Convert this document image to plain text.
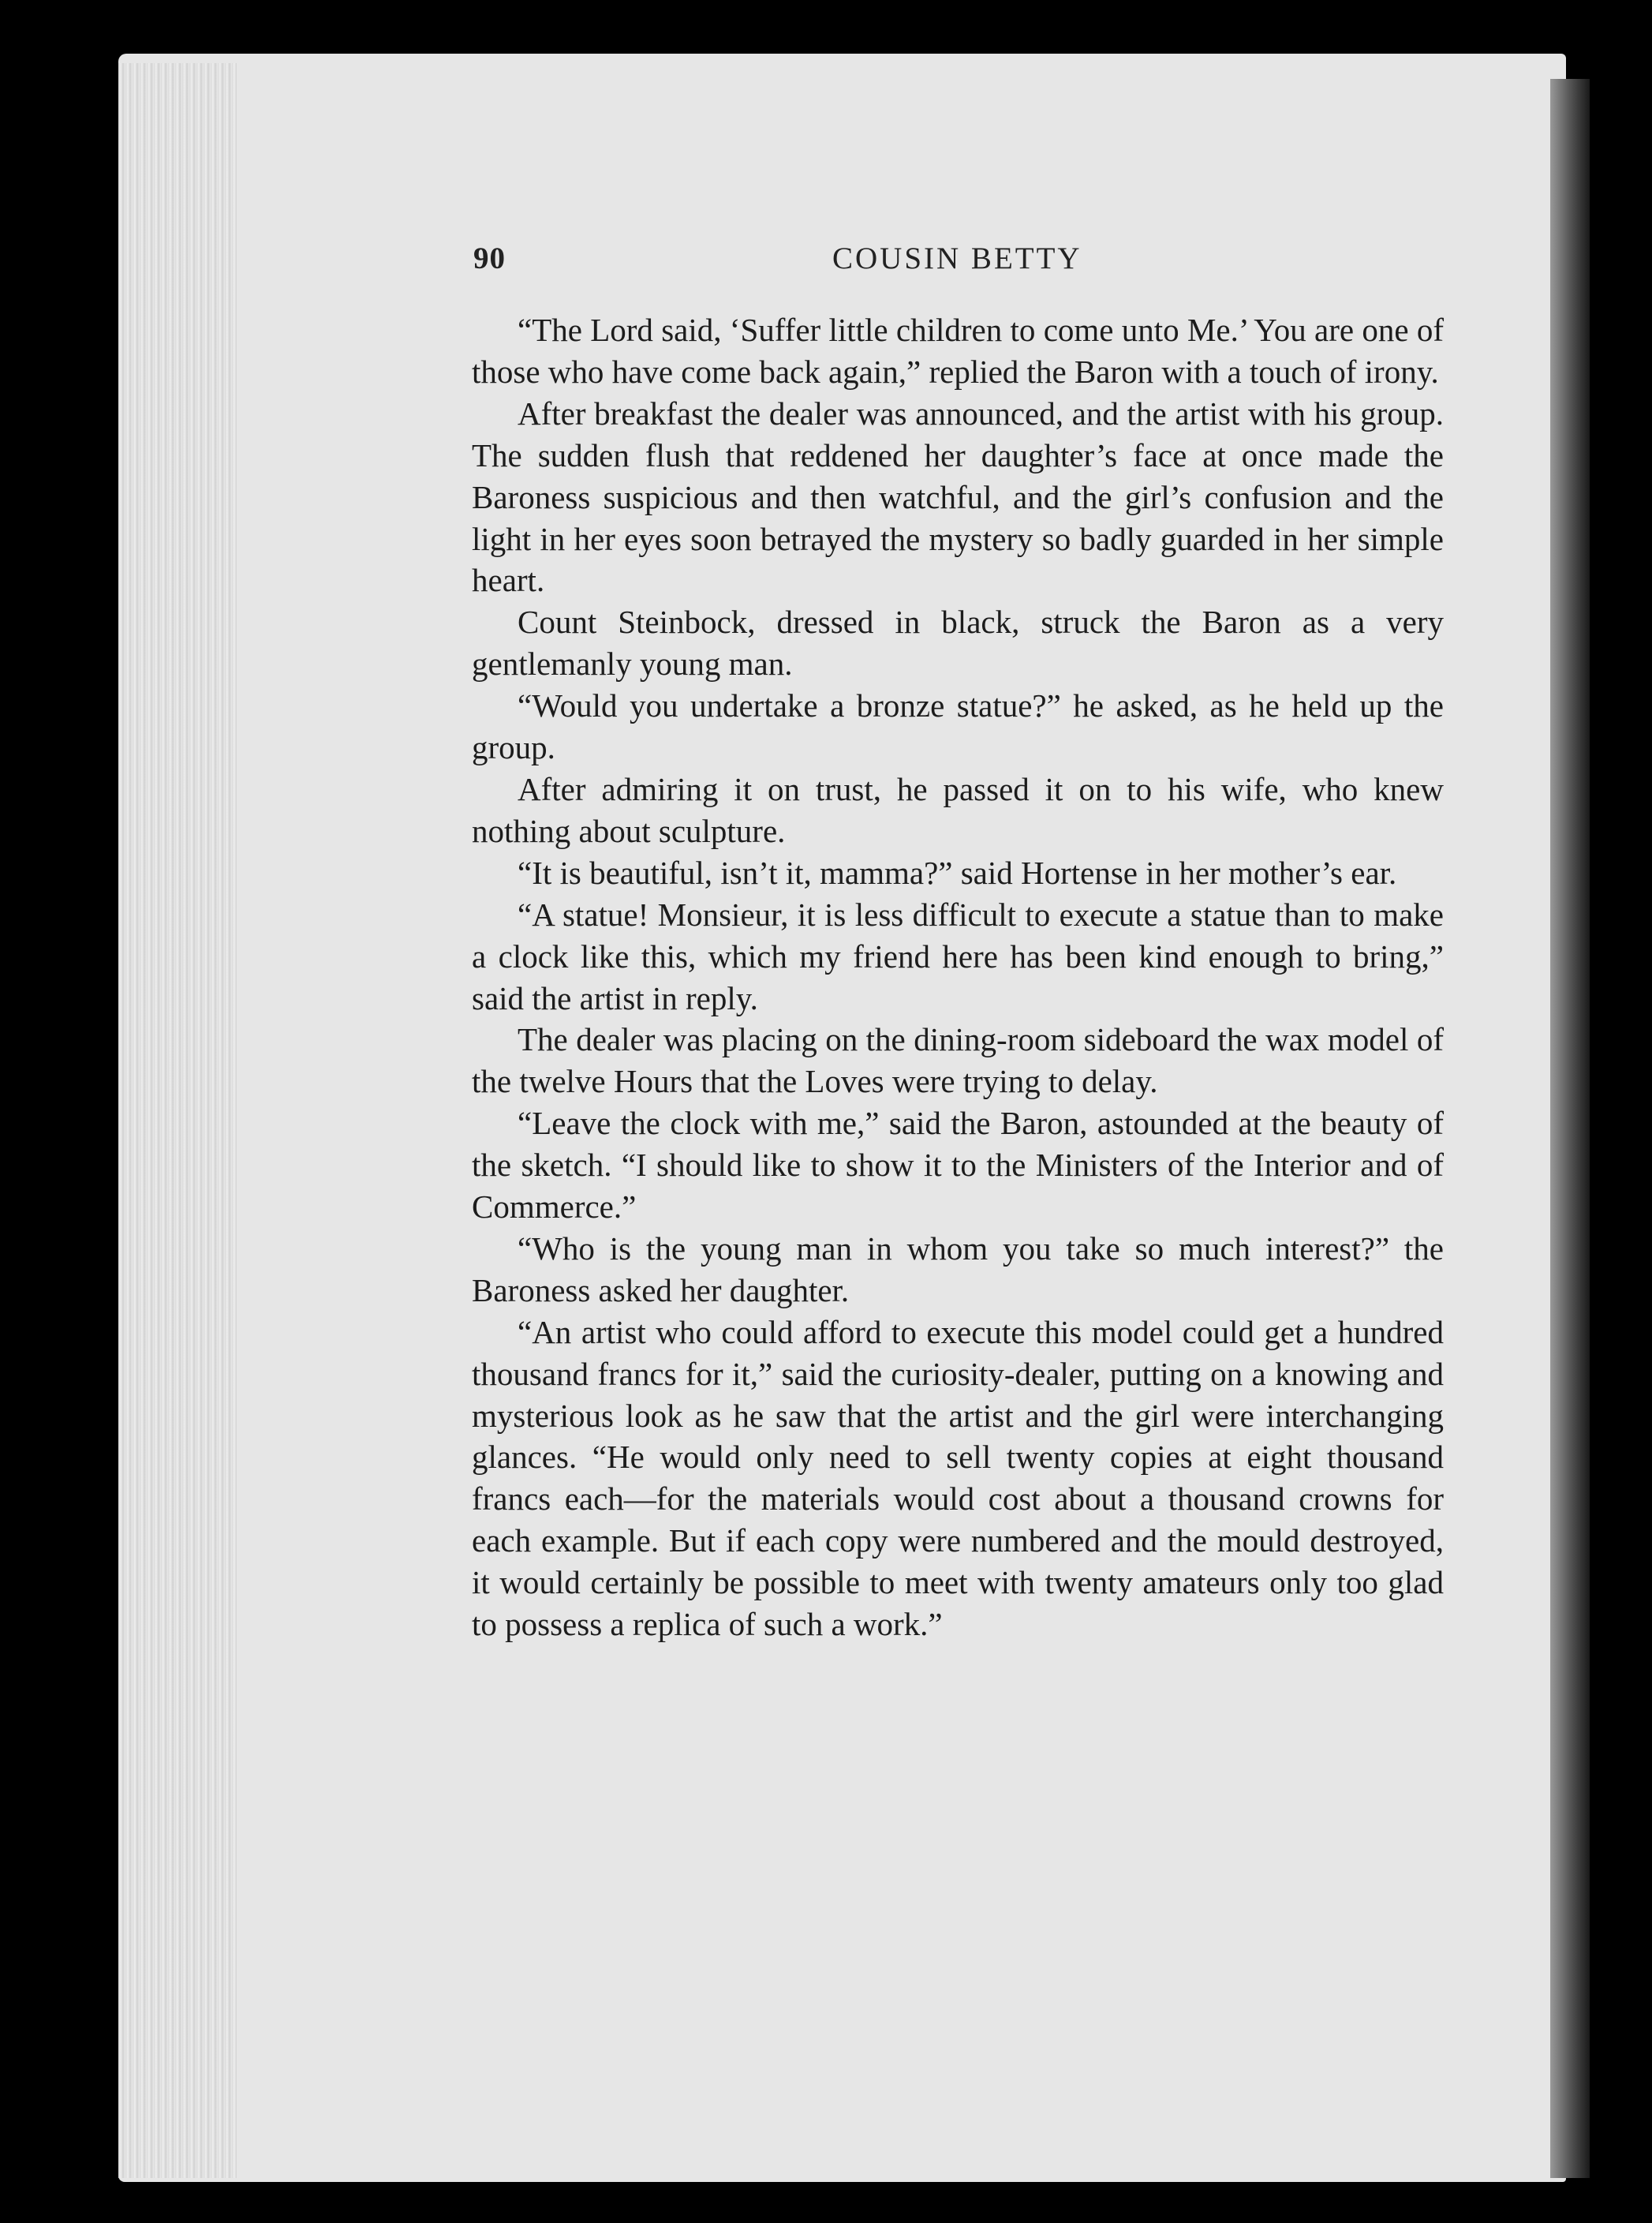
90	COUSIN BETTY

“The Lord said, ‘Suffer little children to come unto Me.’ You are one of those who have come back again,” replied the Baron with a touch of irony.

After breakfast the dealer was announced, and the artist with his group. The sudden flush that reddened her daughter’s face at once made the Baroness suspicious and then watchful, and the girl’s confusion and the light in her eyes soon betrayed the mystery so badly guarded in her simple heart.

Count Steinbock, dressed in black, struck the Baron as a very gentlemanly young man.

“Would you undertake a bronze statue?” he asked, as he held up the group.

After admiring it on trust, he passed it on to his wife, who knew nothing about sculpture.

“It is beautiful, isn’t it, mamma?” said Hortense in her mother’s ear.

“A statue! Monsieur, it is less difficult to execute a statue than to make a clock like this, which my friend here has been kind enough to bring,” said the artist in reply.

The dealer was placing on the dining-room sideboard the wax model of the twelve Hours that the Loves were trying to delay.

“Leave the clock with me,” said the Baron, astounded at the beauty of the sketch. “I should like to show it to the Ministers of the Interior and of Commerce.”

“Who is the young man in whom you take so much interest?” the Baroness asked her daughter.

“An artist who could afford to execute this model could get a hundred thousand francs for it,” said the curiosity-dealer, putting on a knowing and mysterious look as he saw that the artist and the girl were interchanging glances. “He would only need to sell twenty copies at eight thousand francs each—for the materials would cost about a thousand crowns for each example. But if each copy were numbered and the mould destroyed, it would certainly be possible to meet with twenty amateurs only too glad to possess a replica of such a work.”
